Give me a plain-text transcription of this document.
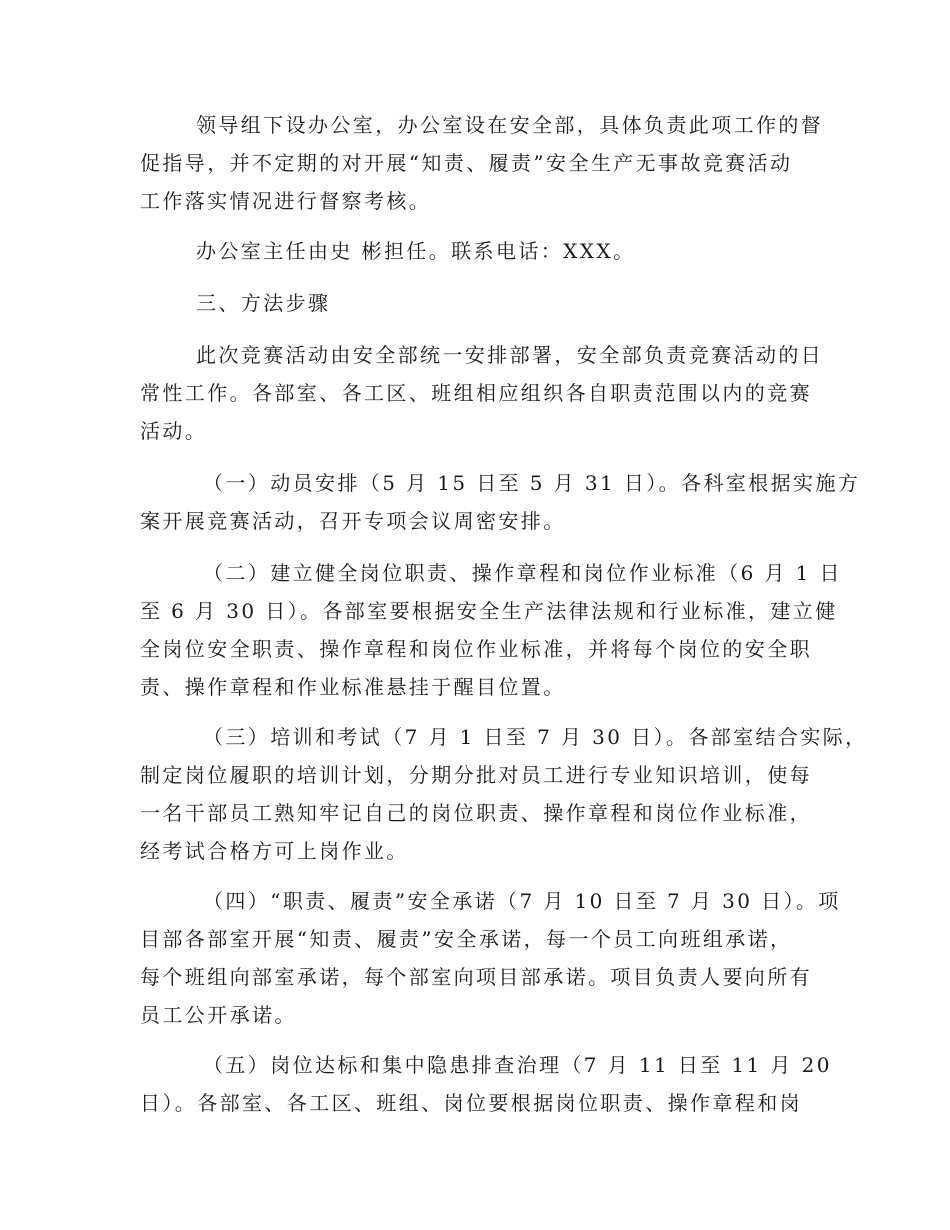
领导组下设办公室，办公室设在安全部，具体负责此项工作的督
促指导，并不定期的对开展“知责、履责”安全生产无事故竞赛活动
工作落实情况进行督察考核。
办公室主任由史 彬担任。联系电话：XXX。
三、方法步骤
此次竞赛活动由安全部统一安排部署，安全部负责竞赛活动的日
常性工作。各部室、各工区、班组相应组织各自职责范围以内的竞赛
活动。
（一）动员安排（5 月 15 日至 5 月 31 日）。各科室根据实施方
案开展竞赛活动，召开专项会议周密安排。
（二）建立健全岗位职责、操作章程和岗位作业标准（6 月 1 日
至 6 月 30 日）。各部室要根据安全生产法律法规和行业标准，建立健
全岗位安全职责、操作章程和岗位作业标准，并将每个岗位的安全职
责、操作章程和作业标准悬挂于醒目位置。
（三）培训和考试（7 月 1 日至 7 月 30 日）。各部室结合实际，
制定岗位履职的培训计划，分期分批对员工进行专业知识培训，使每
一名干部员工熟知牢记自己的岗位职责、操作章程和岗位作业标准，
经考试合格方可上岗作业。
（四）“职责、履责”安全承诺（7 月 10 日至 7 月 30 日）。项
目部各部室开展“知责、履责”安全承诺，每一个员工向班组承诺，
每个班组向部室承诺，每个部室向项目部承诺。项目负责人要向所有
员工公开承诺。
（五）岗位达标和集中隐患排查治理（7 月 11 日至 11 月 20
日）。各部室、各工区、班组、岗位要根据岗位职责、操作章程和岗
